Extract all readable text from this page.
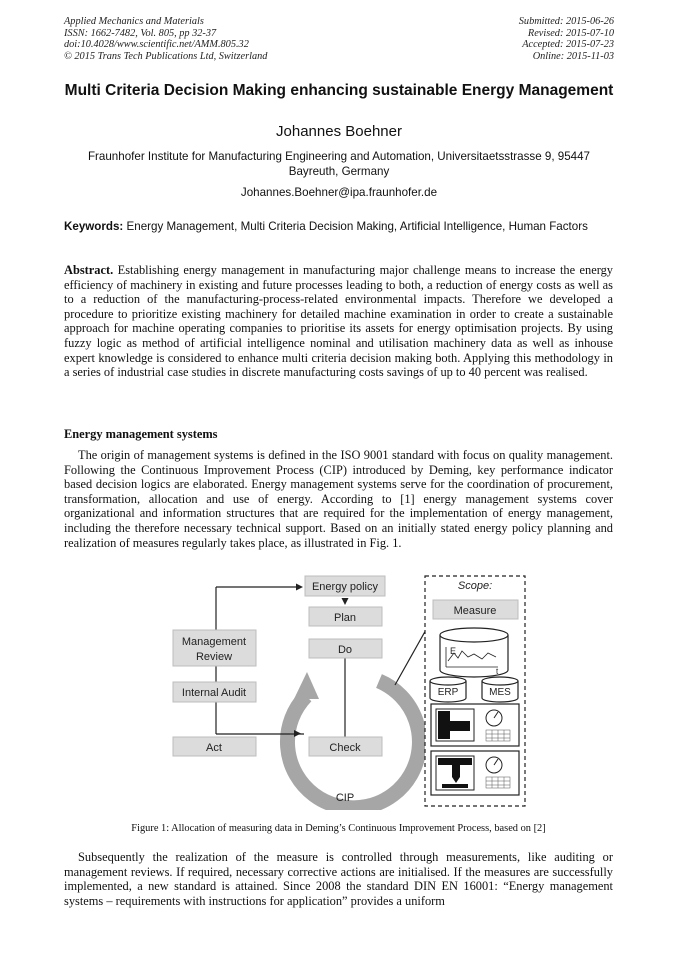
Applied Mechanics and Materials
ISSN: 1662-7482, Vol. 805, pp 32-37
doi:10.4028/www.scientific.net/AMM.805.32
© 2015 Trans Tech Publications Ltd, Switzerland
Submitted: 2015-06-26
Revised: 2015-07-10
Accepted: 2015-07-23
Online: 2015-11-03
Multi Criteria Decision Making enhancing sustainable Energy Management
Johannes Boehner
Fraunhofer Institute for Manufacturing Engineering and Automation, Universitaetsstrasse 9, 95447 Bayreuth, Germany
Johannes.Boehner@ipa.fraunhofer.de
Keywords: Energy Management, Multi Criteria Decision Making, Artificial Intelligence, Human Factors
Abstract. Establishing energy management in manufacturing major challenge means to increase the energy efficiency of machinery in existing and future processes leading to both, a reduction of energy costs as well as to a reduction of the manufacturing-process-related environmental impacts. Therefore we developed a procedure to prioritize existing machinery for detailed machine examination in order to create a sustainable approach for machine operating companies to prioritise its assets for energy optimisation projects. By using fuzzy logic as method of artificial intelligence nominal and utilisation machinery data as well as inhouse expert knowledge is considered to enhance multi criteria decision making both. Applying this methodology in a series of industrial case studies in discrete manufacturing costs savings of up to 40 percent was realised.
Energy management systems
The origin of management systems is defined in the ISO 9001 standard with focus on quality management. Following the Continuous Improvement Process (CIP) introduced by Deming, key performance indicator based decision logics are elaborated. Energy management systems serve for the coordination of procurement, transformation, allocation and use of energy. According to [1] energy management systems cover organizational and information structures that are required for the implementation of energy management, including the therefore necessary technical support. Based on an initially stated energy policy planning and realization of measures regularly takes place, as illustrated in Fig. 1.
CIP
Energy policy
Plan
Do
Check
Management
Review
Internal Audit
Act
Scope:
Measure
E
t
ERP	MES
Figure 1: Allocation of measuring data in Deming’s Continuous Improvement Process, based on [2]
Subsequently the realization of the measure is controlled through measurements, like auditing or management reviews. If required, necessary corrective actions are initialised. If the measures are successfully implemented, a new standard is attained. Since 2008 the standard DIN EN 16001: “Energy management systems – requirements with instructions for application” provides a uniform
